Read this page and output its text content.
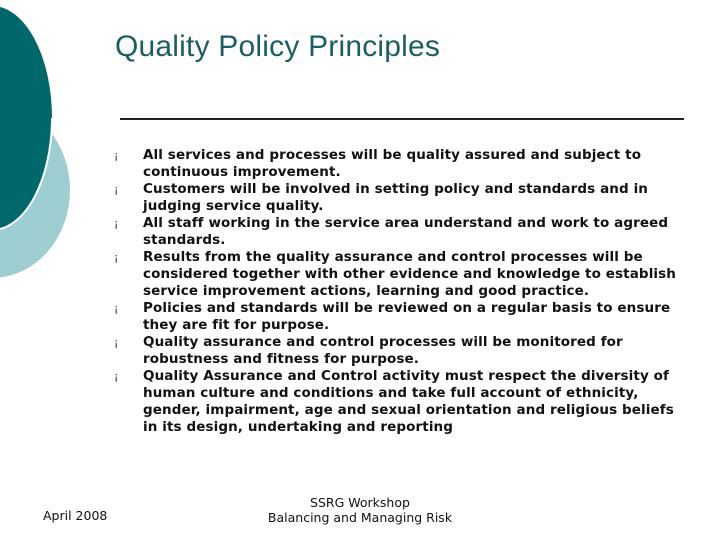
Quality Policy Principles
¡ All services and processes will be quality assured and subject to continuous improvement.
¡ Customers will be involved in setting policy and standards and in judging service quality.
¡ All staff working in the service area understand and work to agreed standards.
¡ Results from the quality assurance and control processes will be considered together with other evidence and knowledge to establish service improvement actions, learning and good practice.
¡ Policies and standards will be reviewed on a regular basis to ensure they are fit for purpose.
¡ Quality assurance and control processes will be monitored for robustness and fitness for purpose.
¡ Quality Assurance and Control activity must respect the diversity of human culture and conditions and take full account of ethnicity, gender, impairment, age and sexual orientation and religious beliefs in its design, undertaking and reporting
April 2008
SSRG Workshop
Balancing and Managing Risk
